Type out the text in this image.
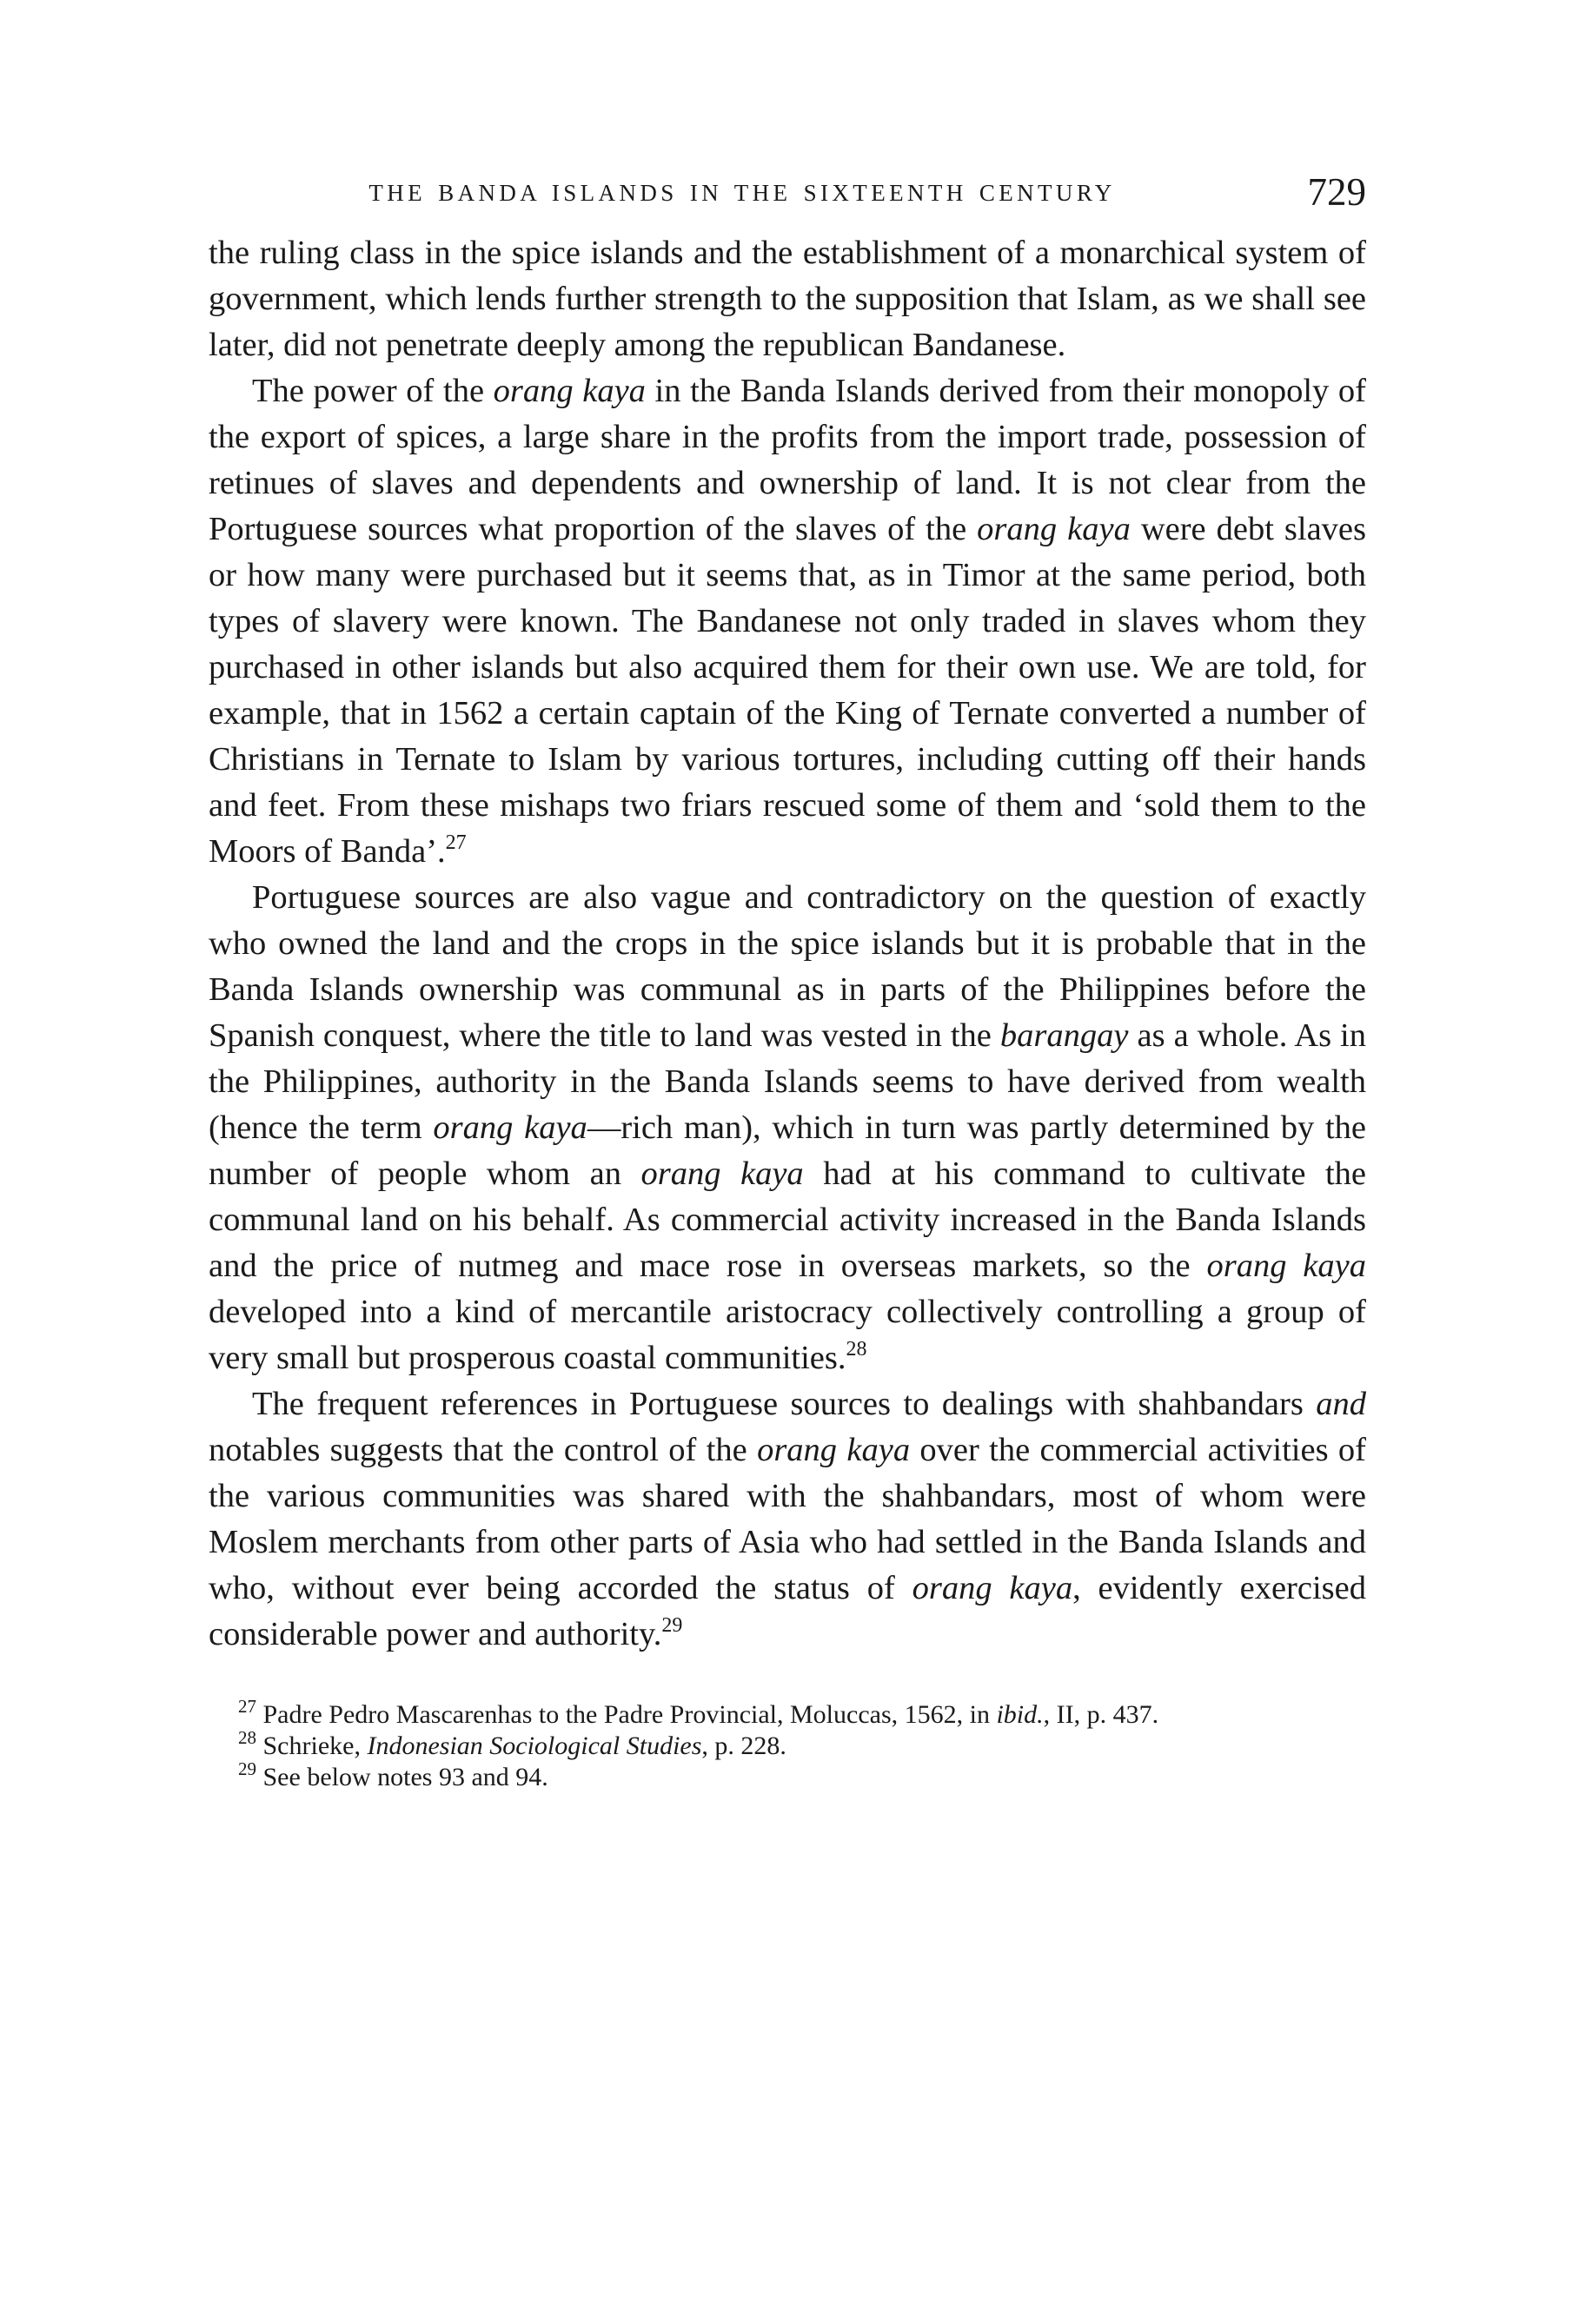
THE BANDA ISLANDS IN THE SIXTEENTH CENTURY	729

the ruling class in the spice islands and the establishment of a monarchical system of government, which lends further strength to the supposition that Islam, as we shall see later, did not penetrate deeply among the republican Bandanese.

The power of the orang kaya in the Banda Islands derived from their monopoly of the export of spices, a large share in the profits from the import trade, possession of retinues of slaves and dependents and ownership of land. It is not clear from the Portuguese sources what proportion of the slaves of the orang kaya were debt slaves or how many were purchased but it seems that, as in Timor at the same period, both types of slavery were known. The Bandanese not only traded in slaves whom they purchased in other islands but also acquired them for their own use. We are told, for example, that in 1562 a certain captain of the King of Ternate converted a number of Christians in Ternate to Islam by various tortures, including cutting off their hands and feet. From these mishaps two friars rescued some of them and ‘sold them to the Moors of Banda’.$^{27}$

Portuguese sources are also vague and contradictory on the question of exactly who owned the land and the crops in the spice islands but it is probable that in the Banda Islands ownership was communal as in parts of the Philippines before the Spanish conquest, where the title to land was vested in the barangay as a whole. As in the Philippines, authority in the Banda Islands seems to have derived from wealth (hence the term orang kaya—rich man), which in turn was partly determined by the number of people whom an orang kaya had at his command to cultivate the communal land on his behalf. As commercial activity increased in the Banda Islands and the price of nutmeg and mace rose in overseas markets, so the orang kaya developed into a kind of mercantile aristocracy collectively controlling a group of very small but prosperous coastal communities.$^{28}$

The frequent references in Portuguese sources to dealings with shahbandars and notables suggests that the control of the orang kaya over the commercial activities of the various communities was shared with the shahbandars, most of whom were Moslem merchants from other parts of Asia who had settled in the Banda Islands and who, without ever being accorded the status of orang kaya, evidently exercised considerable power and authority.$^{29}$

$^{27}$ Padre Pedro Mascarenhas to the Padre Provincial, Moluccas, 1562, in ibid., II, p. 437.

$^{28}$ Schrieke, Indonesian Sociological Studies, p. 228.

$^{29}$ See below notes 93 and 94.
